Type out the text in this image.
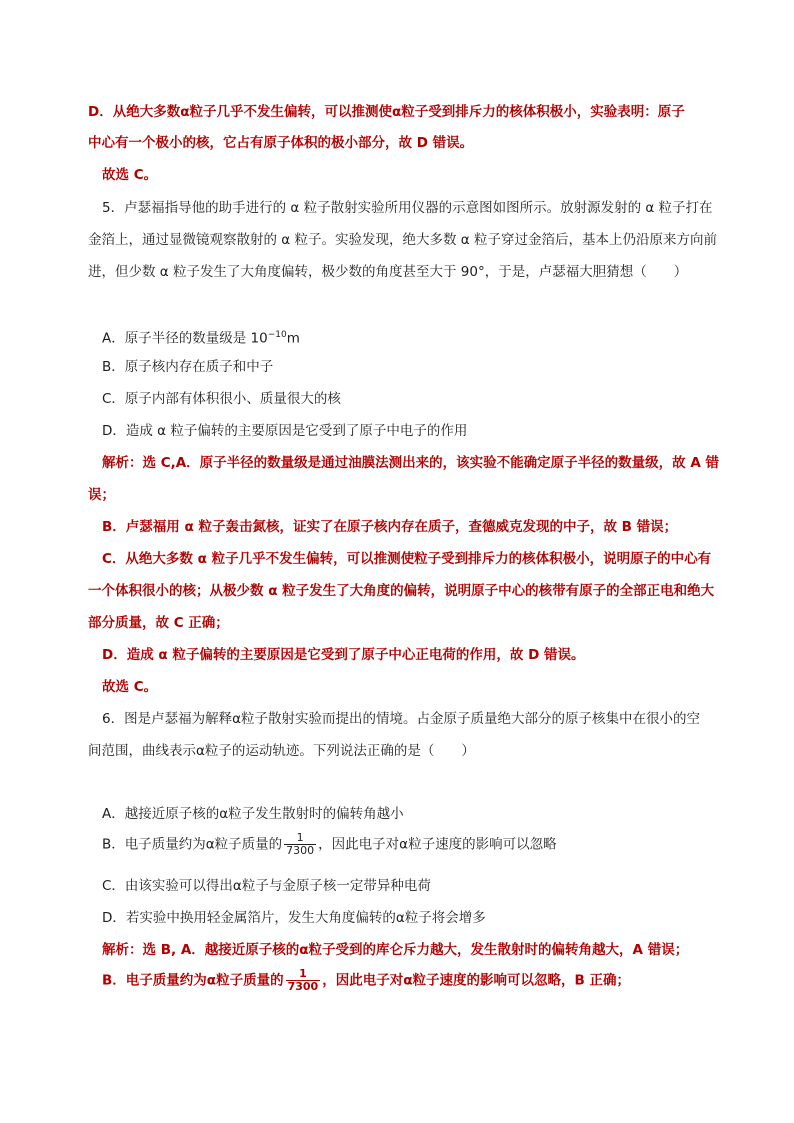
D．从绝大多数α粒子几乎不发生偏转，可以推测使α粒子受到排斥力的核体积极小，实验表明：原子
中心有一个极小的核，它占有原子体积的极小部分，故 D 错误。
故选 C。
5．卢瑟福指导他的助手进行的 α 粒子散射实验所用仪器的示意图如图所示。放射源发射的 α 粒子打在
金箔上，通过显微镜观察散射的 α 粒子。实验发现，绝大多数 α 粒子穿过金箔后，基本上仍沿原来方向前
进，但少数 α 粒子发生了大角度偏转，极少数的角度甚至大于 90°，于是，卢瑟福大胆猜想（　　）
A．原子半径的数量级是 $10^{-10}m$
B．原子核内存在质子和中子
C．原子内部有体积很小、质量很大的核
D．造成 α 粒子偏转的主要原因是它受到了原子中电子的作用
解析：选 C,A．原子半径的数量级是通过油膜法测出来的，该实验不能确定原子半径的数量级，故 A 错
误；
B．卢瑟福用 α 粒子轰击氮核，证实了在原子核内存在质子，查德威克发现的中子，故 B 错误；
C．从绝大多数 α 粒子几乎不发生偏转，可以推测使粒子受到排斥力的核体积极小，说明原子的中心有
一个体积很小的核；从极少数 α 粒子发生了大角度的偏转，说明原子中心的核带有原子的全部正电和绝大
部分质量，故 C 正确；
D．造成 α 粒子偏转的主要原因是它受到了原子中心正电荷的作用，故 D 错误。
故选 C。
6．图是卢瑟福为解释α粒子散射实验而提出的情境。占金原子质量绝大部分的原子核集中在很小的空
间范围，曲线表示α粒子的运动轨迹。下列说法正确的是（　　）
A．越接近原子核的α粒子发生散射时的偏转角越小
B．电子质量约为α粒子质量的 $\frac{1}{7300}$ ，因此电子对α粒子速度的影响可以忽略
C．由该实验可以得出α粒子与金原子核一定带异种电荷
D．若实验中换用轻金属箔片，发生大角度偏转的α粒子将会增多
解析：选 B, A．越接近原子核的α粒子受到的库仑斥力越大，发生散射时的偏转角越大，A 错误；
B．电子质量约为α粒子质量的 $\frac{1}{7300}$ ，因此电子对α粒子速度的影响可以忽略，B 正确；
